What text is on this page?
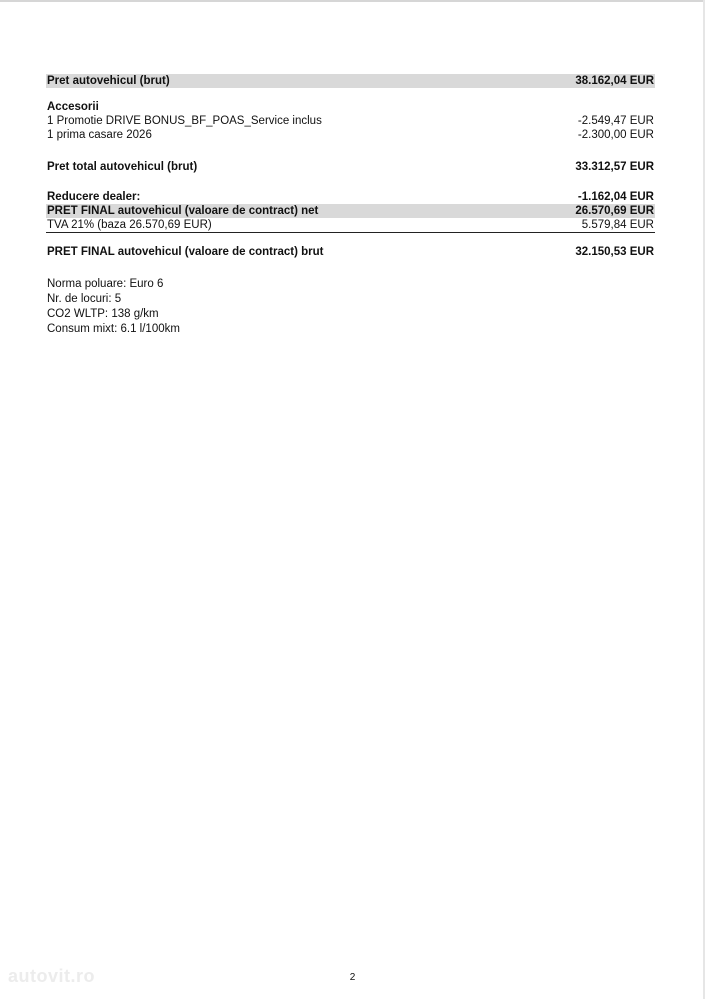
Pret autovehicul (brut)	38.162,04 EUR
Accesorii
1 Promotie DRIVE BONUS_BF_POAS_Service inclus	-2.549,47 EUR
1 prima casare 2026	-2.300,00 EUR
Pret total autovehicul (brut)	33.312,57 EUR
Reducere dealer:	-1.162,04 EUR
PRET FINAL autovehicul (valoare de contract) net	26.570,69 EUR
TVA 21% (baza 26.570,69 EUR)	5.579,84 EUR
PRET FINAL autovehicul (valoare de contract) brut	32.150,53 EUR
Norma poluare: Euro 6
Nr. de locuri: 5
CO2 WLTP: 138 g/km
Consum mixt: 6.1 l/100km
autovit.ro	2
